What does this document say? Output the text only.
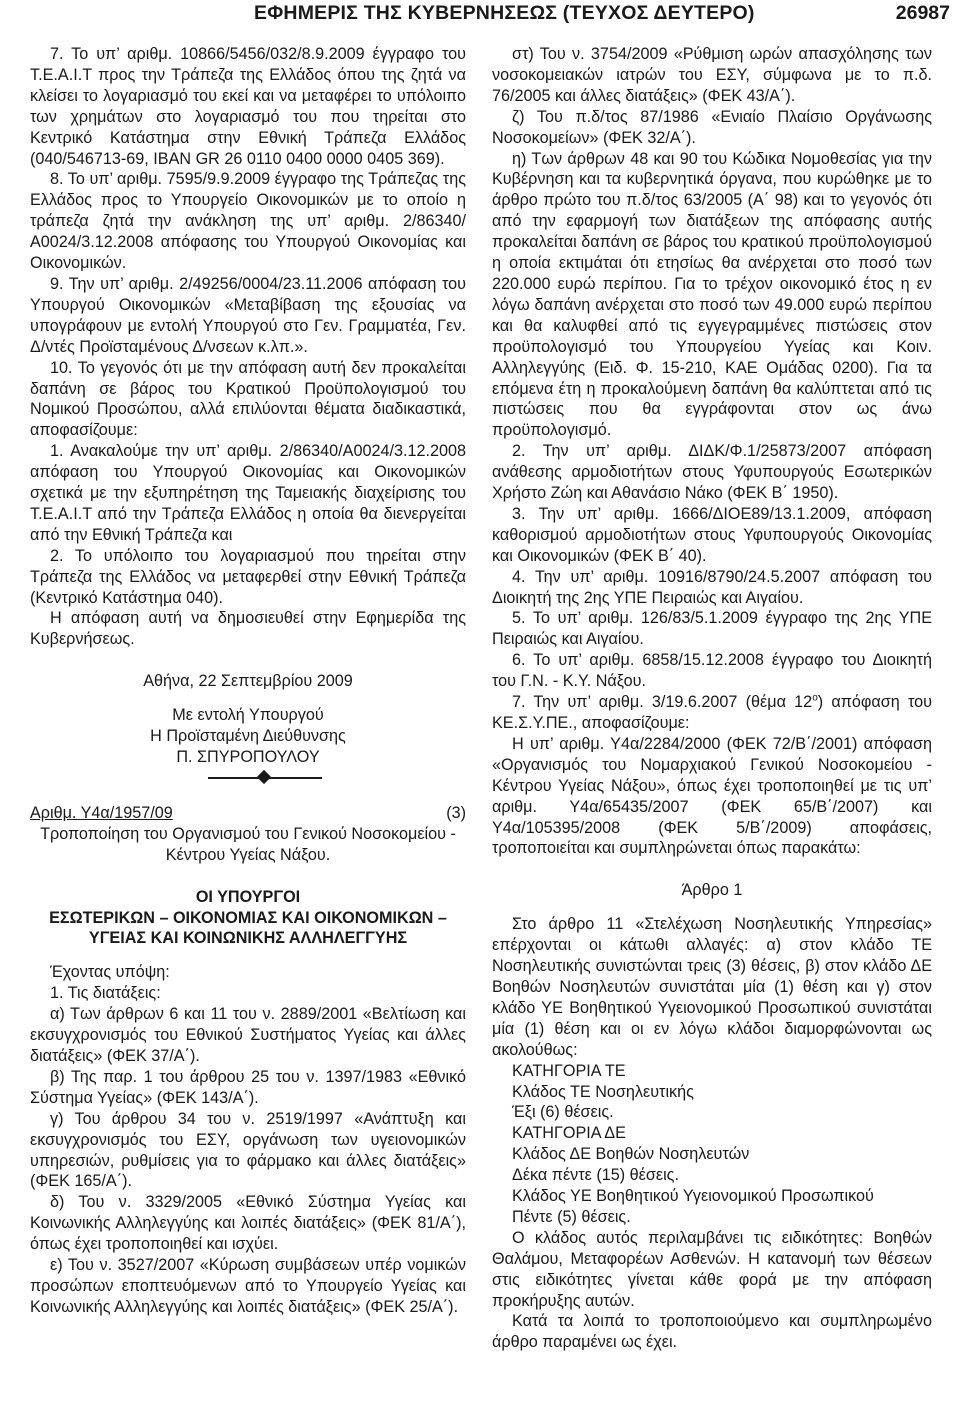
ΕΦΗΜΕΡΙΣ ΤΗΣ ΚΥΒΕΡΝΗΣΕΩΣ (ΤΕΥΧΟΣ ΔΕΥΤΕΡΟ)	26987

7. Το υπ’ αριθμ. 10866/5456/032/8.9.2009 έγγραφο του Τ.Ε.Α.Ι.Τ προς την Τράπεζα της Ελλάδος όπου της ζητά να κλείσει το λογαριασμό του εκεί και να μεταφέρει το υπόλοιπο των χρημάτων στο λογαριασμό του που τηρείται στο Κεντρικό Κατάστημα στην Εθνική Τράπεζα Ελλάδος (040/546713-69, IBAN GR 26 0110 0400 0000 0405 369).

8. Το υπ’ αριθμ. 7595/9.9.2009 έγγραφο της Τράπεζας της Ελλάδος προς το Υπουργείο Οικονομικών με το οποίο η τράπεζα ζητά την ανάκληση της υπ’ αριθμ. 2/86340/Α0024/3.12.2008 απόφασης του Υπουργού Οικονομίας και Οικονομικών.

9. Την υπ’ αριθμ. 2/49256/0004/23.11.2006 απόφαση του Υπουργού Οικονομικών «Μεταβίβαση της εξουσίας να υπογράφουν με εντολή Υπουργού στο Γεν. Γραμματέα, Γεν. Δ/ντές Προϊσταμένους Δ/νσεων κ.λπ.».

10. Το γεγονός ότι με την απόφαση αυτή δεν προκαλείται δαπάνη σε βάρος του Κρατικού Προϋπολογισμού του Νομικού Προσώπου, αλλά επιλύονται θέματα διαδικαστικά, αποφασίζουμε:

1. Ανακαλούμε την υπ’ αριθμ. 2/86340/Α0024/3.12.2008 απόφαση του Υπουργού Οικονομίας και Οικονομικών σχετικά με την εξυπηρέτηση της Ταμειακής διαχείρισης του Τ.Ε.Α.Ι.Τ από την Τράπεζα Ελλάδος η οποία θα διενεργείται από την Εθνική Τράπεζα και

2. Το υπόλοιπο του λογαριασμού που τηρείται στην Τράπεζα της Ελλάδος να μεταφερθεί στην Εθνική Τράπεζα (Κεντρικό Κατάστημα 040).

Η απόφαση αυτή να δημοσιευθεί στην Εφημερίδα της Κυβερνήσεως.

Αθήνα, 22 Σεπτεμβρίου 2009

Με εντολή Υπουργού

Η Προϊσταμένη Διεύθυνσης

Π. ΣΠΥΡΟΠΟΥΛΟΥ

Αριθμ. Υ4α/1957/09	(3)

Τροποποίηση του Οργανισμού του Γενικού Νοσοκομείου - Κέντρου Υγείας Νάξου.

ΟΙ ΥΠΟΥΡΓΟΙ

ΕΣΩΤΕΡΙΚΩΝ – ΟΙΚΟΝΟΜΙΑΣ ΚΑΙ ΟΙΚΟΝΟΜΙΚΩΝ – ΥΓΕΙΑΣ ΚΑΙ ΚΟΙΝΩΝΙΚΗΣ ΑΛΛΗΛΕΓΓΥΗΣ

Έχοντας υπόψη:

1. Τις διατάξεις:

α) Των άρθρων 6 και 11 του ν. 2889/2001 «Βελτίωση και εκσυγχρονισμός του Εθνικού Συστήματος Υγείας και άλλες διατάξεις» (ΦΕΚ 37/Α΄).

β) Της παρ. 1 του άρθρου 25 του ν. 1397/1983 «Εθνικό Σύστημα Υγείας» (ΦΕΚ 143/Α΄).

γ) Του άρθρου 34 του ν. 2519/1997 «Ανάπτυξη και εκσυγχρονισμός του ΕΣΥ, οργάνωση των υγειονομικών υπηρεσιών, ρυθμίσεις για το φάρμακο και άλλες διατάξεις» (ΦΕΚ 165/Α΄).

δ) Του ν. 3329/2005 «Εθνικό Σύστημα Υγείας και Κοινωνικής Αλληλεγγύης και λοιπές διατάξεις» (ΦΕΚ 81/Α΄), όπως έχει τροποποιηθεί και ισχύει.

ε) Του ν. 3527/2007 «Κύρωση συμβάσεων υπέρ νομικών προσώπων εποπτευόμενων από το Υπουργείο Υγείας και Κοινωνικής Αλληλεγγύης και λοιπές διατάξεις» (ΦΕΚ 25/Α΄).

στ) Του ν. 3754/2009 «Ρύθμιση ωρών απασχόλησης των νοσοκομειακών ιατρών του ΕΣΥ, σύμφωνα με το π.δ. 76/2005 και άλλες διατάξεις» (ΦΕΚ 43/Α΄).

ζ) Του π.δ/τος 87/1986 «Ενιαίο Πλαίσιο Οργάνωσης Νοσοκομείων» (ΦΕΚ 32/Α΄).

η) Των άρθρων 48 και 90 του Κώδικα Νομοθεσίας για την Κυβέρνηση και τα κυβερνητικά όργανα, που κυρώθηκε με το άρθρο πρώτο του π.δ/τος 63/2005 (Α΄ 98) και το γεγονός ότι από την εφαρμογή των διατάξεων της απόφασης αυτής προκαλείται δαπάνη σε βάρος του κρατικού προϋπολογισμού η οποία εκτιμάται ότι ετησίως θα ανέρχεται στο ποσό των 220.000 ευρώ περίπου. Για το τρέχον οικονομικό έτος η εν λόγω δαπάνη ανέρχεται στο ποσό των 49.000 ευρώ περίπου και θα καλυφθεί από τις εγγεγραμμένες πιστώσεις στον προϋπολογισμό του Υπουργείου Υγείας και Κοιν. Αλληλεγγύης (Ειδ. Φ. 15-210, ΚΑΕ Ομάδας 0200). Για τα επόμενα έτη η προκαλούμενη δαπάνη θα καλύπτεται από τις πιστώσεις που θα εγγράφονται στον ως άνω προϋπολογισμό.

2. Την υπ’ αριθμ. ΔΙΔΚ/Φ.1/25873/2007 απόφαση ανάθεσης αρμοδιοτήτων στους Υφυπουργούς Εσωτερικών Χρήστο Ζώη και Αθανάσιο Νάκο (ΦΕΚ Β΄ 1950).

3. Την υπ’ αριθμ. 1666/ΔΙΟΕ89/13.1.2009, απόφαση καθορισμού αρμοδιοτήτων στους Υφυπουργούς Οικονομίας και Οικονομικών (ΦΕΚ Β΄ 40).

4. Την υπ’ αριθμ. 10916/8790/24.5.2007 απόφαση του Διοικητή της 2ης ΥΠΕ Πειραιώς και Αιγαίου.

5. Το υπ’ αριθμ. 126/83/5.1.2009 έγγραφο της 2ης ΥΠΕ Πειραιώς και Αιγαίου.

6. Το υπ’ αριθμ. 6858/15.12.2008 έγγραφο του Διοικητή του Γ.Ν. - Κ.Υ. Νάξου.

7. Την υπ’ αριθμ. 3/19.6.2007 (θέμα $12^o$) απόφαση του ΚΕ.Σ.Υ.ΠΕ., αποφασίζουμε:

Η υπ’ αριθμ. Υ4α/2284/2000 (ΦΕΚ 72/Β΄/2001) απόφαση «Οργανισμός του Νομαρχιακού Γενικού Νοσοκομείου - Κέντρου Υγείας Νάξου», όπως έχει τροποποιηθεί με τις υπ’ αριθμ. Υ4α/65435/2007 (ΦΕΚ 65/Β΄/2007) και Υ4α/105395/2008 (ΦΕΚ 5/Β΄/2009) αποφάσεις, τροποποιείται και συμπληρώνεται όπως παρακάτω:

Άρθρο 1

Στο άρθρο 11 «Στελέχωση Νοσηλευτικής Υπηρεσίας» επέρχονται οι κάτωθι αλλαγές: α) στον κλάδο ΤΕ Νοσηλευτικής συνιστώνται τρεις (3) θέσεις, β) στον κλάδο ΔΕ Βοηθών Νοσηλευτών συνιστάται μία (1) θέση και γ) στον κλάδο ΥΕ Βοηθητικού Υγειονομικού Προσωπικού συνιστάται μία (1) θέση και οι εν λόγω κλάδοι διαμορφώνονται ως ακολούθως:

ΚΑΤΗΓΟΡΙΑ ΤΕ

Κλάδος ΤΕ Νοσηλευτικής

Έξι (6) θέσεις.

ΚΑΤΗΓΟΡΙΑ ΔΕ

Κλάδος ΔΕ Βοηθών Νοσηλευτών

Δέκα πέντε (15) θέσεις.

Κλάδος ΥΕ Βοηθητικού Υγειονομικού Προσωπικού

Πέντε (5) θέσεις.

Ο κλάδος αυτός περιλαμβάνει τις ειδικότητες: Βοηθών Θαλάμου, Μεταφορέων Ασθενών. Η κατανομή των θέσεων στις ειδικότητες γίνεται κάθε φορά με την απόφαση προκήρυξης αυτών.

Κατά τα λοιπά το τροποποιούμενο και συμπληρωμένο άρθρο παραμένει ως έχει.
